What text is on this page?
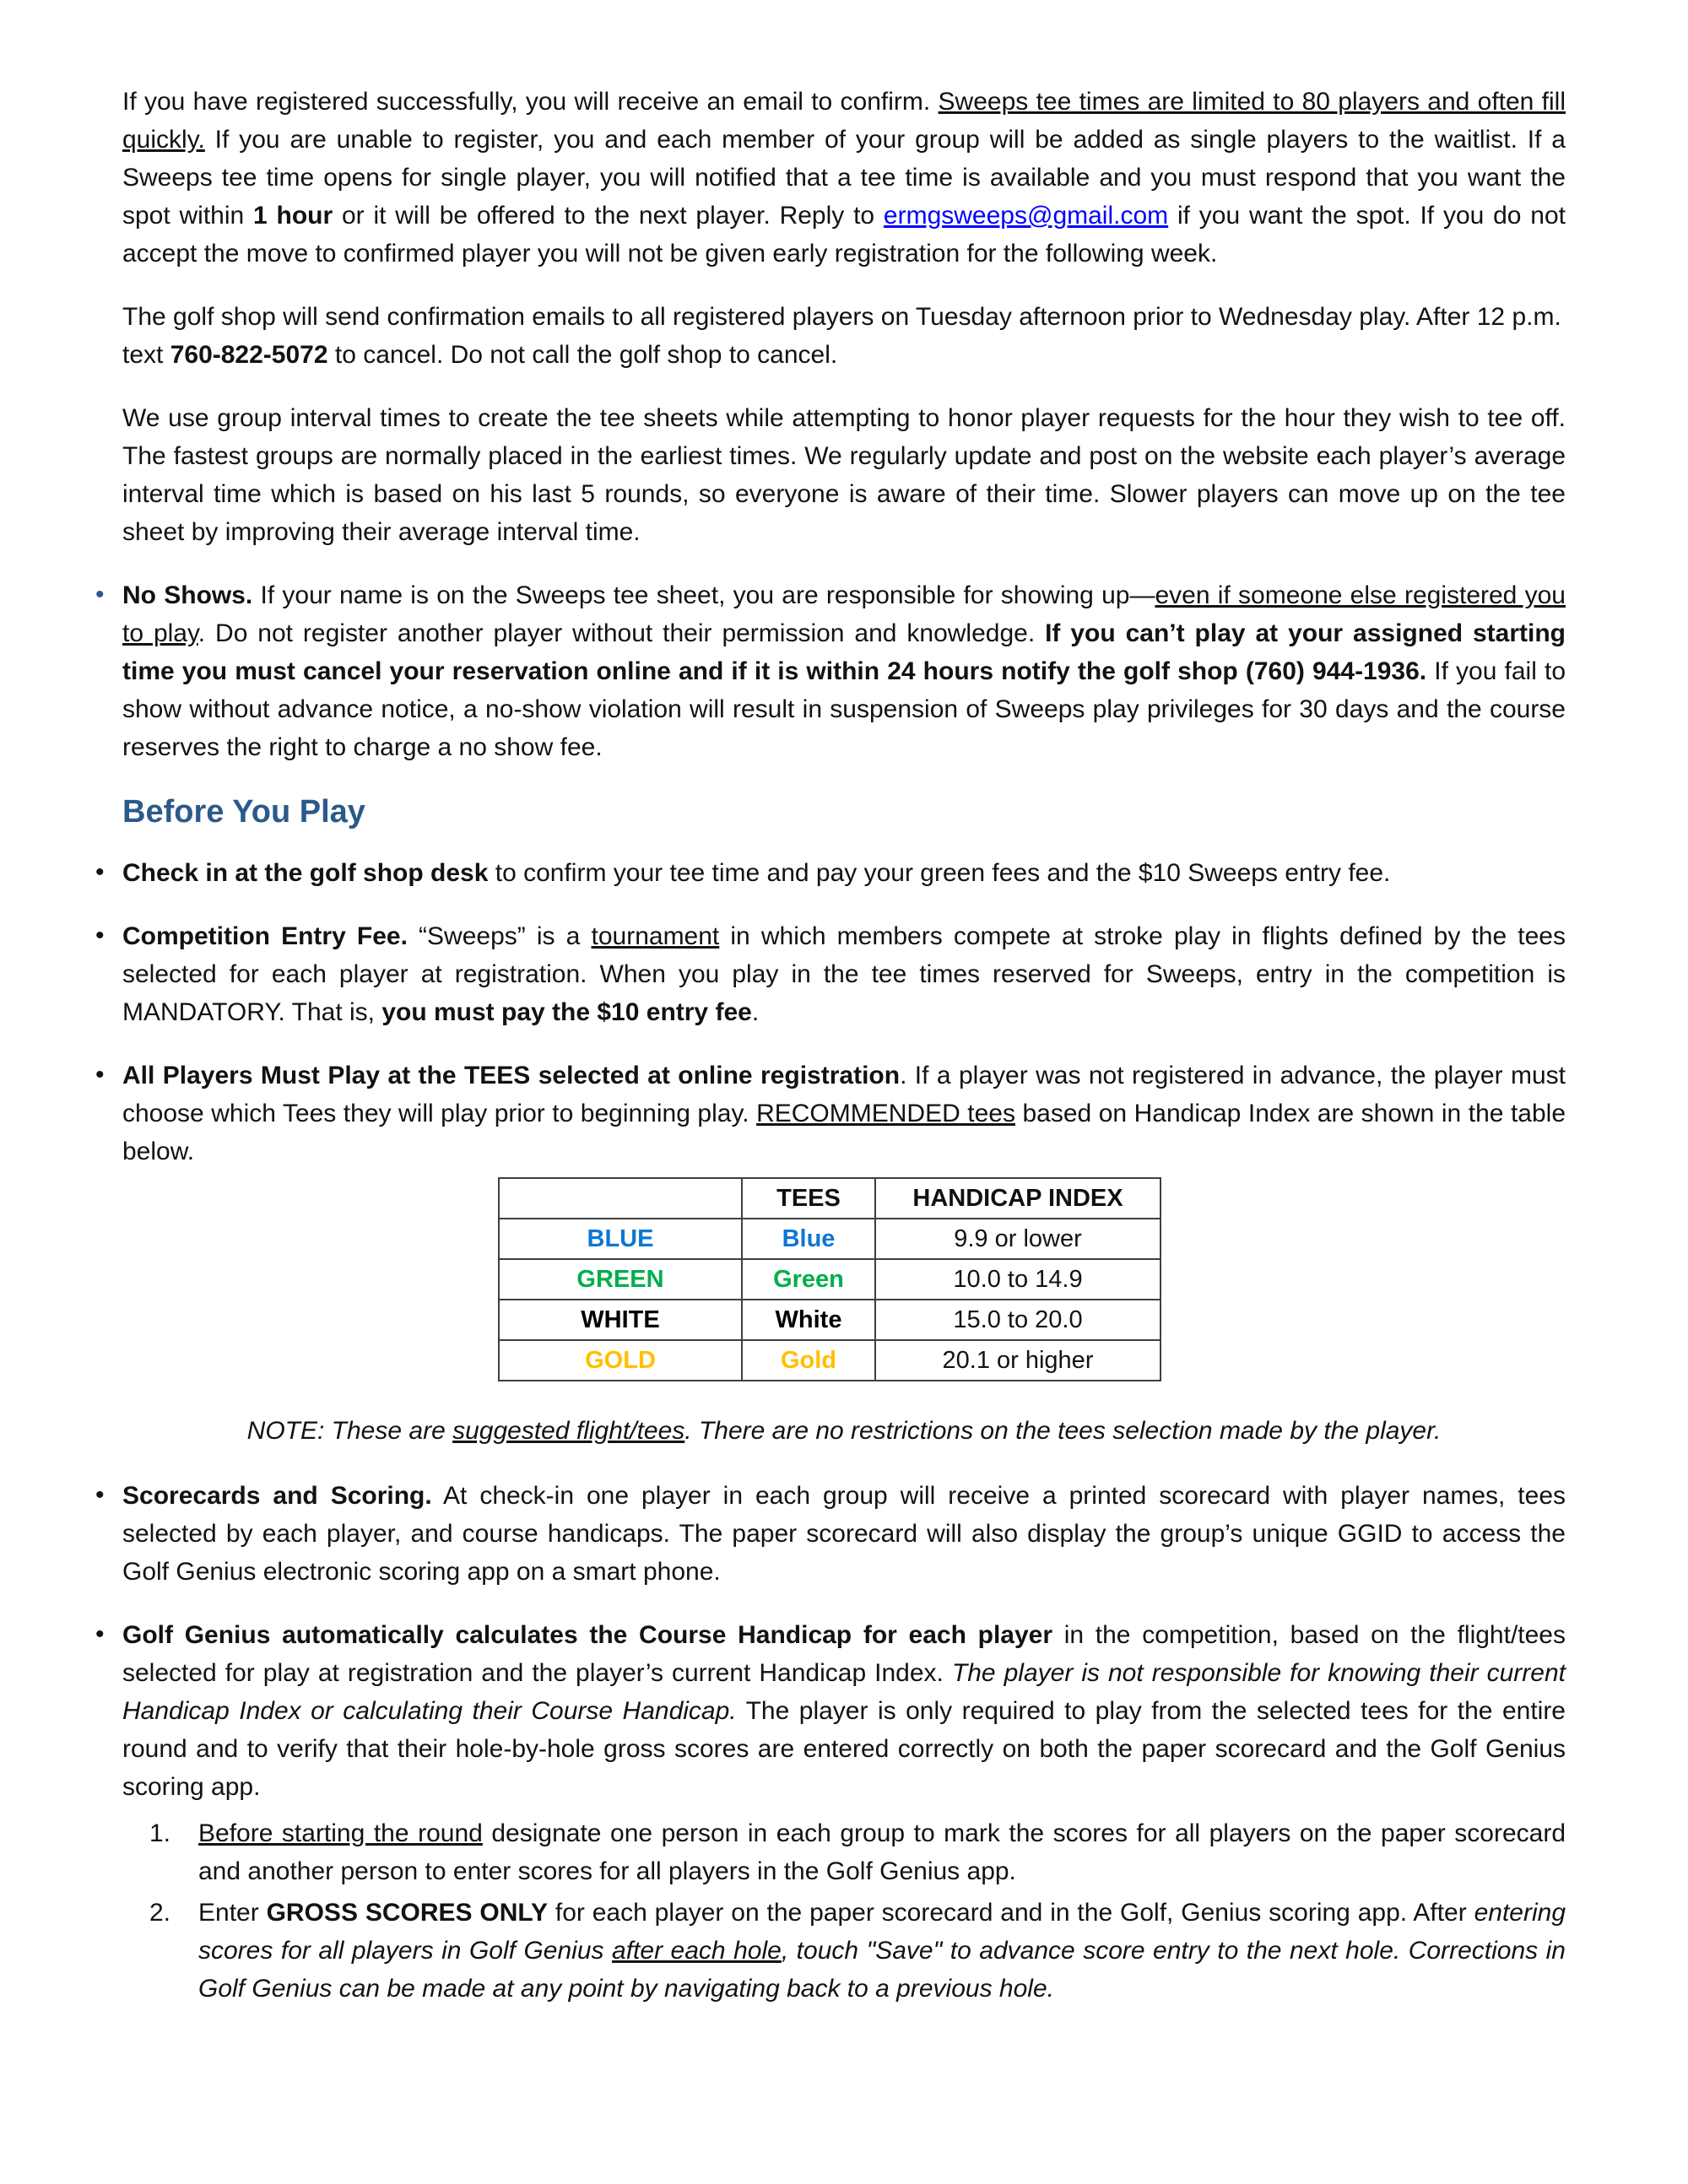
If you have registered successfully, you will receive an email to confirm. Sweeps tee times are limited to 80 players and often fill quickly. If you are unable to register, you and each member of your group will be added as single players to the waitlist. If a Sweeps tee time opens for single player, you will notified that a tee time is available and you must respond that you want the spot within 1 hour or it will be offered to the next player. Reply to ermgsweeps@gmail.com if you want the spot. If you do not accept the move to confirmed player you will not be given early registration for the following week.

The golf shop will send confirmation emails to all registered players on Tuesday afternoon prior to Wednesday play. After 12 p.m. text 760-822-5072 to cancel. Do not call the golf shop to cancel.

We use group interval times to create the tee sheets while attempting to honor player requests for the hour they wish to tee off. The fastest groups are normally placed in the earliest times. We regularly update and post on the website each player’s average interval time which is based on his last 5 rounds, so everyone is aware of their time. Slower players can move up on the tee sheet by improving their average interval time.

• No Shows. If your name is on the Sweeps tee sheet, you are responsible for showing up—even if someone else registered you to play. Do not register another player without their permission and knowledge. If you can’t play at your assigned starting time you must cancel your reservation online and if it is within 24 hours notify the golf shop (760) 944-1936. If you fail to show without advance notice, a no-show violation will result in suspension of Sweeps play privileges for 30 days and the course reserves the right to charge a no show fee.
Before You Play
• Check in at the golf shop desk to confirm your tee time and pay your green fees and the $10 Sweeps entry fee.
• Competition Entry Fee. “Sweeps” is a tournament in which members compete at stroke play in flights defined by the tees selected for each player at registration. When you play in the tee times reserved for Sweeps, entry in the competition is MANDATORY. That is, you must pay the $10 entry fee.
• All Players Must Play at the TEES selected at online registration. If a player was not registered in advance, the player must choose which Tees they will play prior to beginning play. RECOMMENDED tees based on Handicap Index are shown in the table below.
	TEES	HANDICAP INDEX
BLUE	Blue	9.9 or lower
GREEN	Green	10.0 to 14.9
WHITE	White	15.0 to 20.0
GOLD	Gold	20.1 or higher

NOTE: These are suggested flight/tees. There are no restrictions on the tees selection made by the player.

• Scorecards and Scoring. At check-in one player in each group will receive a printed scorecard with player names, tees selected by each player, and course handicaps. The paper scorecard will also display the group’s unique GGID to access the Golf Genius electronic scoring app on a smart phone.
• Golf Genius automatically calculates the Course Handicap for each player in the competition, based on the flight/tees selected for play at registration and the player’s current Handicap Index. The player is not responsible for knowing their current Handicap Index or calculating their Course Handicap. The player is only required to play from the selected tees for the entire round and to verify that their hole-by-hole gross scores are entered correctly on both the paper scorecard and the Golf Genius scoring app.
1. Before starting the round designate one person in each group to mark the scores for all players on the paper scorecard and another person to enter scores for all players in the Golf Genius app.
2. Enter GROSS SCORES ONLY for each player on the paper scorecard and in the Golf, Genius scoring app. After entering scores for all players in Golf Genius after each hole, touch "Save" to advance score entry to the next hole. Corrections in Golf Genius can be made at any point by navigating back to a previous hole.
